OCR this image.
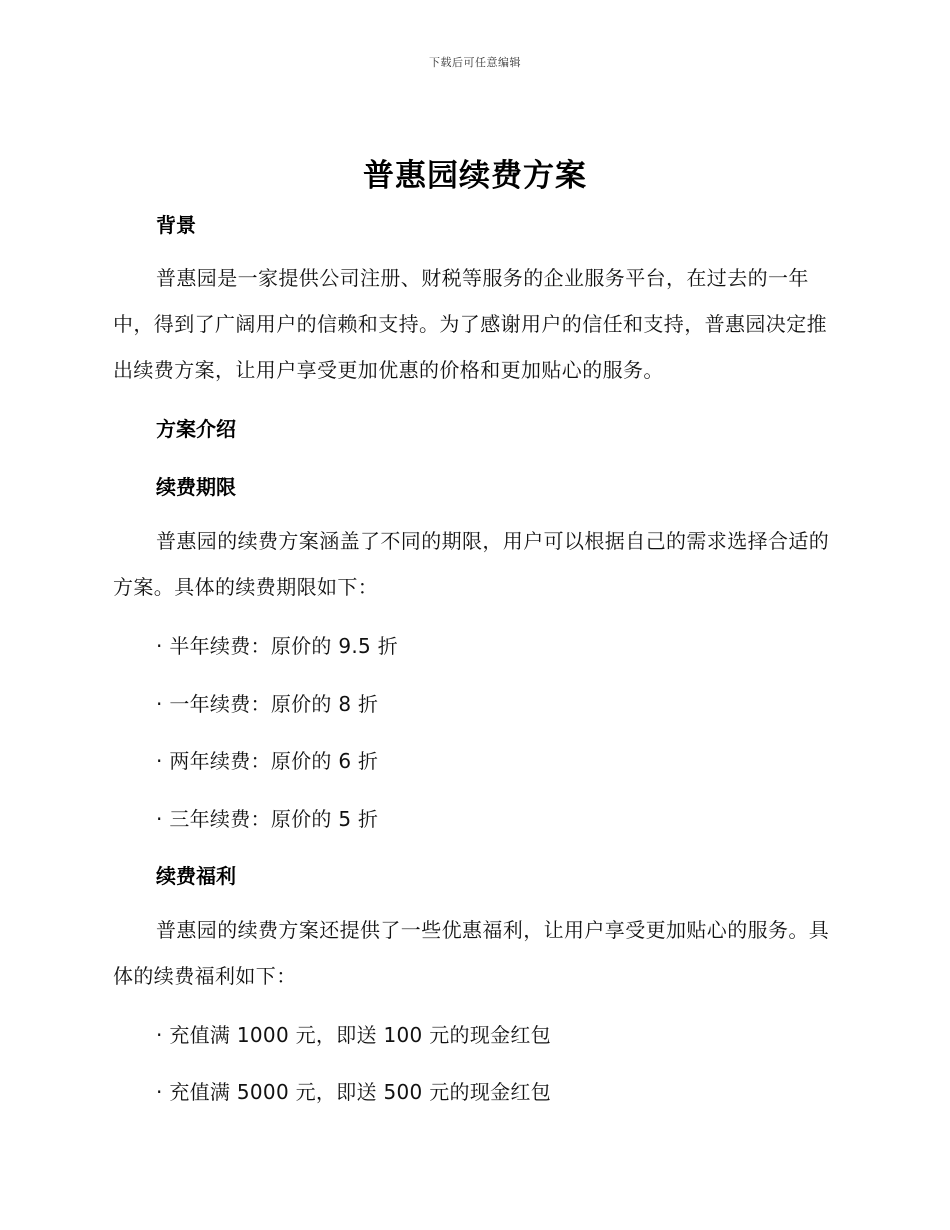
下载后可任意编辑
普惠园续费方案
背景
普惠园是一家提供公司注册、财税等服务的企业服务平台，在过去的一年中，得到了广阔用户的信赖和支持。为了感谢用户的信任和支持，普惠园决定推出续费方案，让用户享受更加优惠的价格和更加贴心的服务。
方案介绍
续费期限
普惠园的续费方案涵盖了不同的期限，用户可以根据自己的需求选择合适的方案。具体的续费期限如下：
· 半年续费：原价的 9.5 折
· 一年续费：原价的 8 折
· 两年续费：原价的 6 折
· 三年续费：原价的 5 折
续费福利
普惠园的续费方案还提供了一些优惠福利，让用户享受更加贴心的服务。具体的续费福利如下：
· 充值满 1000 元，即送 100 元的现金红包
· 充值满 5000 元，即送 500 元的现金红包
